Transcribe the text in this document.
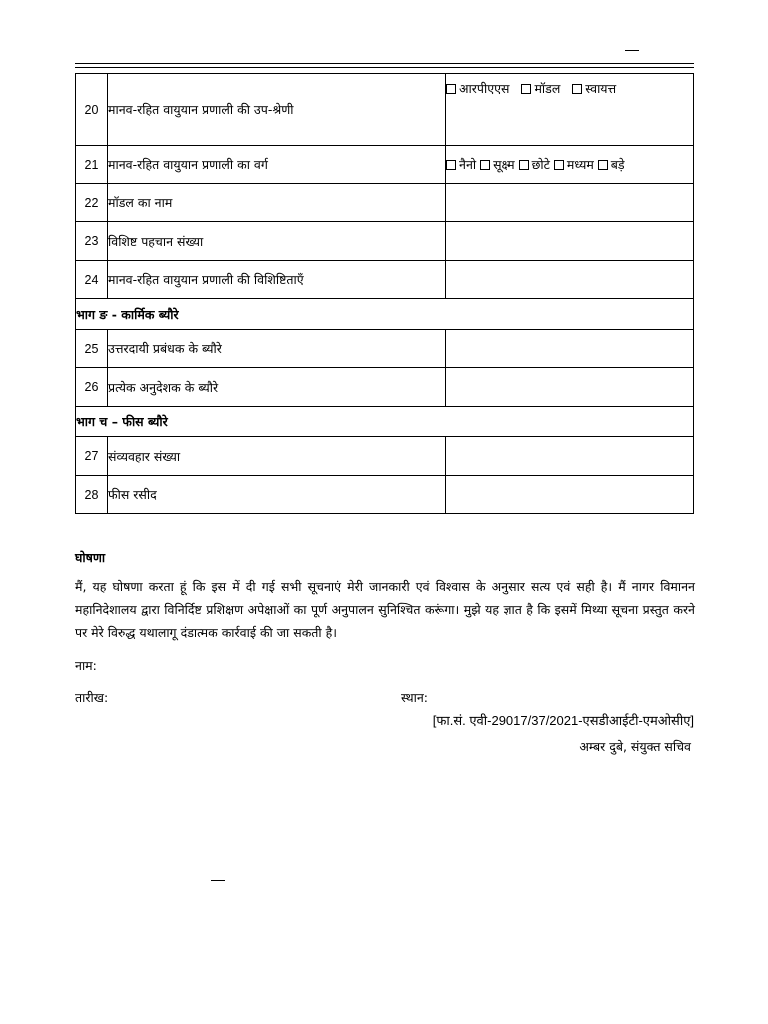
20	मानव-रहित वायुयान प्रणाली की उप-श्रेणी	आरपीएएस मॉडल स्वायत्त
21	मानव-रहित वायुयान प्रणाली का वर्ग	नैनो सूक्ष्म छोटे मध्यम बड़े
22	मॉडल का नाम	
23	विशिष्ट पहचान संख्या	
24	मानव-रहित वायुयान प्रणाली की विशिष्टिताऍं	
भाग ङ - कार्मिक ब्यौरे		
25	उत्तरदायी प्रबंधक के ब्यौरे	
26	प्रत्येक अनुदेशक के ब्यौरे	
भाग च – फीस ब्यौरे		
27	संव्यवहार संख्या	
28	फीस रसीद	
घोषणा
मैं, यह घोषणा करता हूं कि इस में दी गई सभी सूचनाएं मेरी जानकारी एवं विश्वास के अनुसार सत्य एवं सही है। मैं नागर विमानन महानिदेशालय द्वारा विनिर्दिष्ट प्रशिक्षण अपेक्षाओं का पूर्ण अनुपालन सुनिश्चित करूंगा। मुझे यह ज्ञात है कि इसमें मिथ्या सूचना प्रस्तुत करने पर मेरे विरुद्ध यथालागू दंडात्मक कार्रवाई की जा सकती है।
नाम:
तारीख:	स्थान:
[फा.सं. एवी-29017/37/2021-एसडीआईटी-एमओसीए]
अम्बर दुबे, संयुक्त सचिव
